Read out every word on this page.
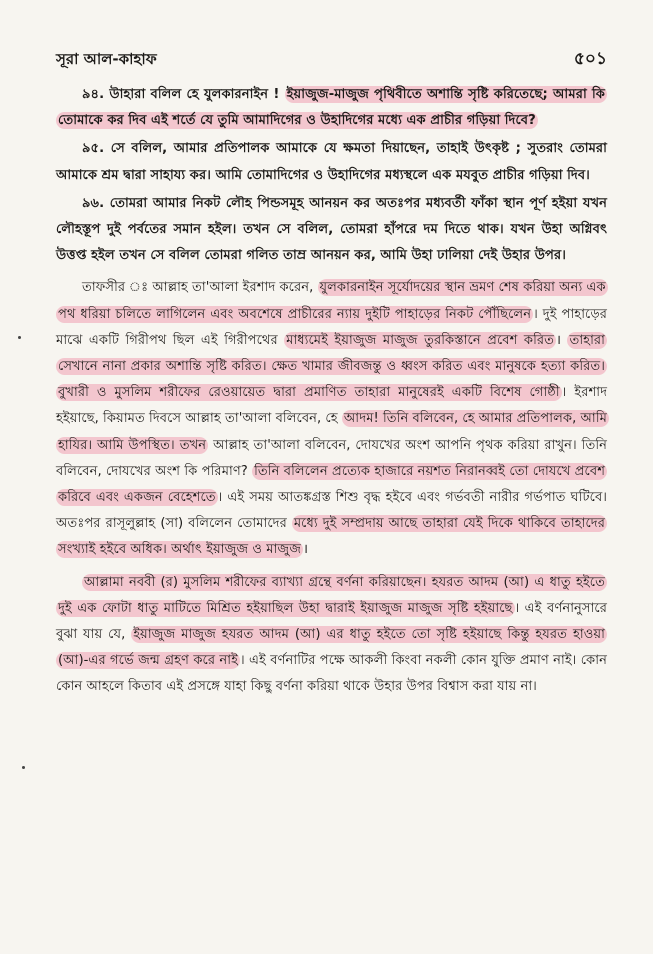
সূরা আল-কাহাফ	৫০১

৯৪. উাহারা বলিল হে যুলকারনাইন ! ইয়াজুজ-মাজুজ পৃথিবীতে অশান্তি সৃষ্টি করিতেছে; আমরা কি তোমাকে কর দিব এই শর্তে যে তুমি আমাদিগের ও উহাদিগের মধ্যে এক প্রাচীর গড়িয়া দিবে?

৯৫. সে বলিল, আমার প্রতিপালক আমাকে যে ক্ষমতা দিয়াছেন, তাহাই উৎকৃষ্ট ; সুতরাং তোমরা আমাকে শ্রম দ্বারা সাহায্য কর। আমি তোমাদিগের ও উহাদিগের মধ্যস্থলে এক মযবুত প্রাচীর গড়িয়া দিব।

৯৬. তোমরা আমার নিকট লৌহ পিন্ডসমূহ আনয়ন কর অতঃপর মধ্যবর্তী ফাঁকা স্থান পূর্ণ হইয়া যখন লৌহস্তূপ দুই পর্বতের সমান হইল। তখন সে বলিল, তোমরা হাঁপরে দম দিতে থাক। যখন উহা অগ্নিবৎ উত্তপ্ত হইল তখন সে বলিল তোমরা গলিত তাম্র আনয়ন কর, আমি উহা ঢালিয়া দেই উহার উপর।

তাফসীর ঃ আল্লাহ তা'আলা ইরশাদ করেন, যুলকারনাইন সূর্যোদয়ের স্থান ভ্রমণ শেষ করিয়া অন্য এক পথ ধরিয়া চলিতে লাগিলেন এবং অবশেষে প্রাচীরের ন্যায় দুইটি পাহাড়ের নিকট পৌঁছিলেন । দুই পাহাড়ের মাঝে একটি গিরীপথ ছিল এই গিরীপথের মাধ্যমেই ইয়াজুজ মাজুজ তুরকিস্তানে প্রবেশ করিত । তাহারা সেখানে নানা প্রকার অশান্তি সৃষ্টি করিত। ক্ষেত খামার জীবজন্তু ও ধ্বংস করিত এবং মানুষকে হত্যা করিত। বুখারী ও মুসলিম শরীফের রেওয়ায়েত দ্বারা প্রমাণিত তাহারা মানুষেরই একটি বিশেষ গোষ্ঠী । ইরশাদ হইয়াছে, কিয়ামত দিবসে আল্লাহ তা'আলা বলিবেন, হে আদম! তিনি বলিবেন, হে আমার প্রতিপালক, আমি হাযির। আমি উপস্থিত। তখন আল্লাহ তা'আলা বলিবেন, দোযখের অংশ আপনি পৃথক করিয়া রাখুন। তিনি বলিবেন, দোযখের অংশ কি পরিমাণ? তিনি বলিলেন প্রত্যেক হাজারে নয়শত নিরানব্বই তো দোযখে প্রবেশ করিবে এবং একজন বেহেশতে । এই সময় আতঙ্কগ্রস্ত শিশু বৃদ্ধ হইবে এবং গর্ভবতী নারীর গর্ভপাত ঘটিবে। অতঃপর রাসূলুল্লাহ (সা) বলিলেন তোমাদের মধ্যে দুই সম্প্রদায় আছে তাহারা যেই দিকে থাকিবে তাহাদের সংখ্যাই হইবে অধিক। অর্থাৎ ইয়াজুজ ও মাজুজ ।

আল্লামা নববী (র) মুসলিম শরীফের ব্যাখ্যা গ্রন্থে বর্ণনা করিয়াছেন। হযরত আদম (আ) এ ধাতু হইতে দুই এক ফোটা ধাতু মাটিতে মিশ্রিত হইয়াছিল উহা দ্বারাই ইয়াজুজ মাজুজ সৃষ্টি হইয়াছে । এই বর্ণনানুসারে বুঝা যায় যে, ইয়াজুজ মাজুজ হযরত আদম (আ) এর ধাতু হইতে তো সৃষ্টি হইয়াছে কিন্তু হযরত হাওয়া (আ)-এর গর্ভে জন্ম গ্রহণ করে নাই । এই বর্ণনাটির পক্ষে আকলী কিংবা নকলী কোন যুক্তি প্রমাণ নাই। কোন কোন আহলে কিতাব এই প্রসঙ্গে যাহা কিছু বর্ণনা করিয়া থাকে উহার উপর বিশ্বাস করা যায় না।
